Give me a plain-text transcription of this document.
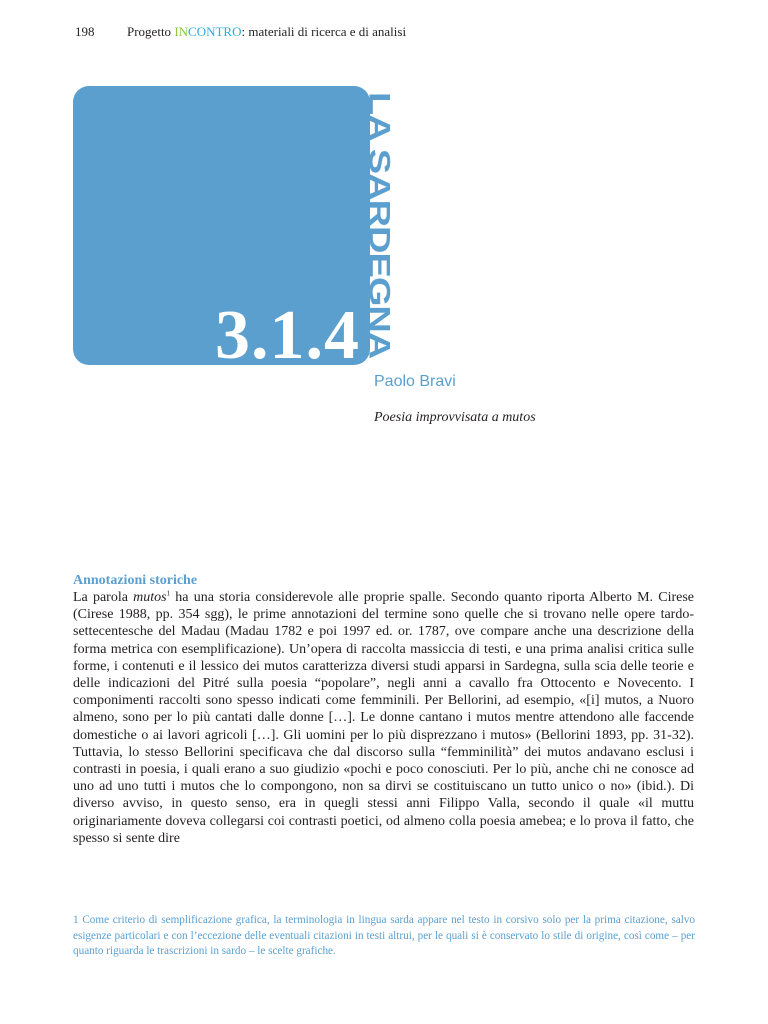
198	Progetto INCONTRO: materiali di ricerca e di analisi
3.1.4 LA SARDEGNA
Paolo Bravi
Poesia improvvisata a mutos
Annotazioni storiche

La parola mutos$^1$ ha una storia considerevole alle proprie spalle. Secondo quanto riporta Alberto M. Cirese (Cirese 1988, pp. 354 sgg), le prime annotazioni del termine sono quelle che si trovano nelle opere tardo-settecentesche del Madau (Madau 1782 e poi 1997 ed. or. 1787, ove compare anche una descrizione della forma metrica con esemplificazione). Un’opera di raccolta massiccia di testi, e una prima analisi critica sulle forme, i contenuti e il lessico dei mutos caratterizza diversi studi apparsi in Sardegna, sulla scia delle teorie e delle indicazioni del Pitré sulla poesia “popolare”, negli anni a cavallo fra Ottocento e Novecento. I componimenti raccolti sono spesso indicati come femminili. Per Bellorini, ad esempio, «[i] mutos, a Nuoro almeno, sono per lo più cantati dalle donne […]. Le donne cantano i mutos mentre attendono alle faccende domestiche o ai lavori agricoli […]. Gli uomini per lo più disprezzano i mutos» (Bellorini 1893, pp. 31-32). Tuttavia, lo stesso Bellorini specificava che dal discorso sulla “femminilità” dei mutos andavano esclusi i contrasti in poesia, i quali erano a suo giudizio «pochi e poco conosciuti. Per lo più, anche chi ne conosce ad uno ad uno tutti i mutos che lo compongono, non sa dirvi se costituiscano un tutto unico o no» (ibid.). Di diverso avviso, in questo senso, era in quegli stessi anni Filippo Valla, secondo il quale «il muttu originariamente doveva collegarsi coi contrasti poetici, od almeno colla poesia amebea; e lo prova il fatto, che spesso si sente dire

1 Come criterio di semplificazione grafica, la terminologia in lingua sarda appare nel testo in corsivo solo per la prima citazione, salvo esigenze particolari e con l’eccezione delle eventuali citazioni in testi altrui, per le quali si è conservato lo stile di origine, così come – per quanto riguarda le trascrizioni in sardo – le scelte grafiche.
